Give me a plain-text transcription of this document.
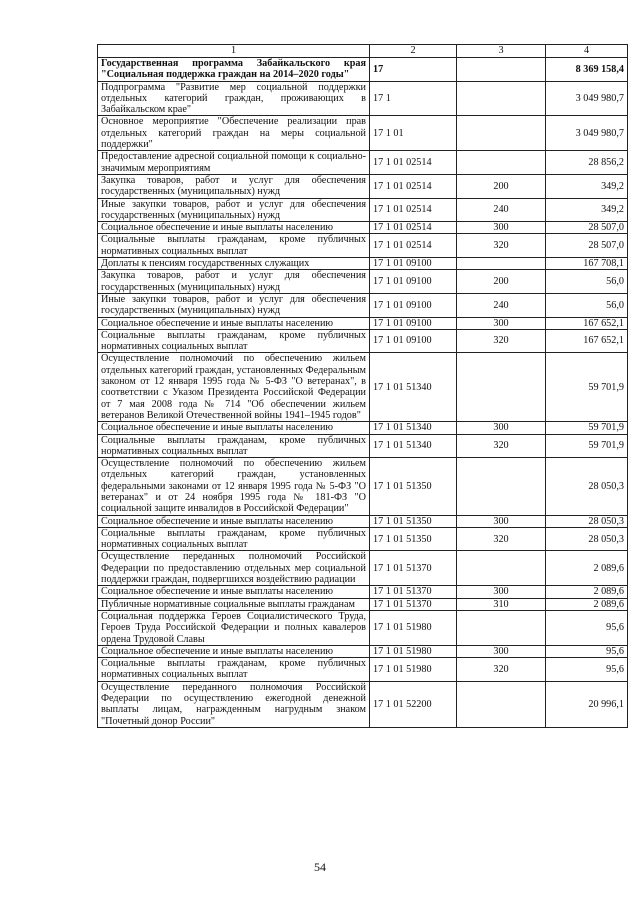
1	2	3	4
Государственная программа Забайкальского края "Социальная поддержка граждан на 2014–2020 годы"	17		8 369 158,4
Подпрограмма "Развитие мер социальной поддержки отдельных категорий граждан, проживающих в Забайкальском крае"	17 1		3 049 980,7
Основное мероприятие "Обеспечение реализации прав отдельных категорий граждан на меры социальной поддержки"	17 1 01		3 049 980,7
Предоставление адресной социальной помощи к социально-значимым мероприятиям	17 1 01 02514		28 856,2
Закупка товаров, работ и услуг для обеспечения государственных (муниципальных) нужд	17 1 01 02514	200	349,2
Иные закупки товаров, работ и услуг для обеспечения государственных (муниципальных) нужд	17 1 01 02514	240	349,2
Социальное обеспечение и иные выплаты населению	17 1 01 02514	300	28 507,0
Социальные выплаты гражданам, кроме публичных нормативных социальных выплат	17 1 01 02514	320	28 507,0
Доплаты к пенсиям государственных служащих	17 1 01 09100		167 708,1
Закупка товаров, работ и услуг для обеспечения государственных (муниципальных) нужд	17 1 01 09100	200	56,0
Иные закупки товаров, работ и услуг для обеспечения государственных (муниципальных) нужд	17 1 01 09100	240	56,0
Социальное обеспечение и иные выплаты населению	17 1 01 09100	300	167 652,1
Социальные выплаты гражданам, кроме публичных нормативных социальных выплат	17 1 01 09100	320	167 652,1
Осуществление полномочий по обеспечению жильем отдельных категорий граждан, установленных Федеральным законом от 12 января 1995 года № 5-ФЗ "О ветеранах", в соответствии с Указом Президента Российской Федерации от 7 мая 2008 года № 714 "Об обеспечении жильем ветеранов Великой Отечественной войны 1941–1945 годов"	17 1 01 51340		59 701,9
Социальное обеспечение и иные выплаты населению	17 1 01 51340	300	59 701,9
Социальные выплаты гражданам, кроме публичных нормативных социальных выплат	17 1 01 51340	320	59 701,9
Осуществление полномочий по обеспечению жильем отдельных категорий граждан, установленных федеральными законами от 12 января 1995 года № 5-ФЗ "О ветеранах" и от 24 ноября 1995 года № 181-ФЗ "О социальной защите инвалидов в Российской Федерации"	17 1 01 51350		28 050,3
Социальное обеспечение и иные выплаты населению	17 1 01 51350	300	28 050,3
Социальные выплаты гражданам, кроме публичных нормативных социальных выплат	17 1 01 51350	320	28 050,3
Осуществление переданных полномочий Российской Федерации по предоставлению отдельных мер социальной поддержки граждан, подвергшихся воздействию радиации	17 1 01 51370		2 089,6
Социальное обеспечение и иные выплаты населению	17 1 01 51370	300	2 089,6
Публичные нормативные социальные выплаты гражданам	17 1 01 51370	310	2 089,6
Социальная поддержка Героев Социалистического Труда, Героев Труда Российской Федерации и полных кавалеров ордена Трудовой Славы	17 1 01 51980		95,6
Социальное обеспечение и иные выплаты населению	17 1 01 51980	300	95,6
Социальные выплаты гражданам, кроме публичных нормативных социальных выплат	17 1 01 51980	320	95,6
Осуществление переданного полномочия Российской Федерации по осуществлению ежегодной денежной выплаты лицам, награжденным нагрудным знаком "Почетный донор России"	17 1 01 52200		20 996,1
54
